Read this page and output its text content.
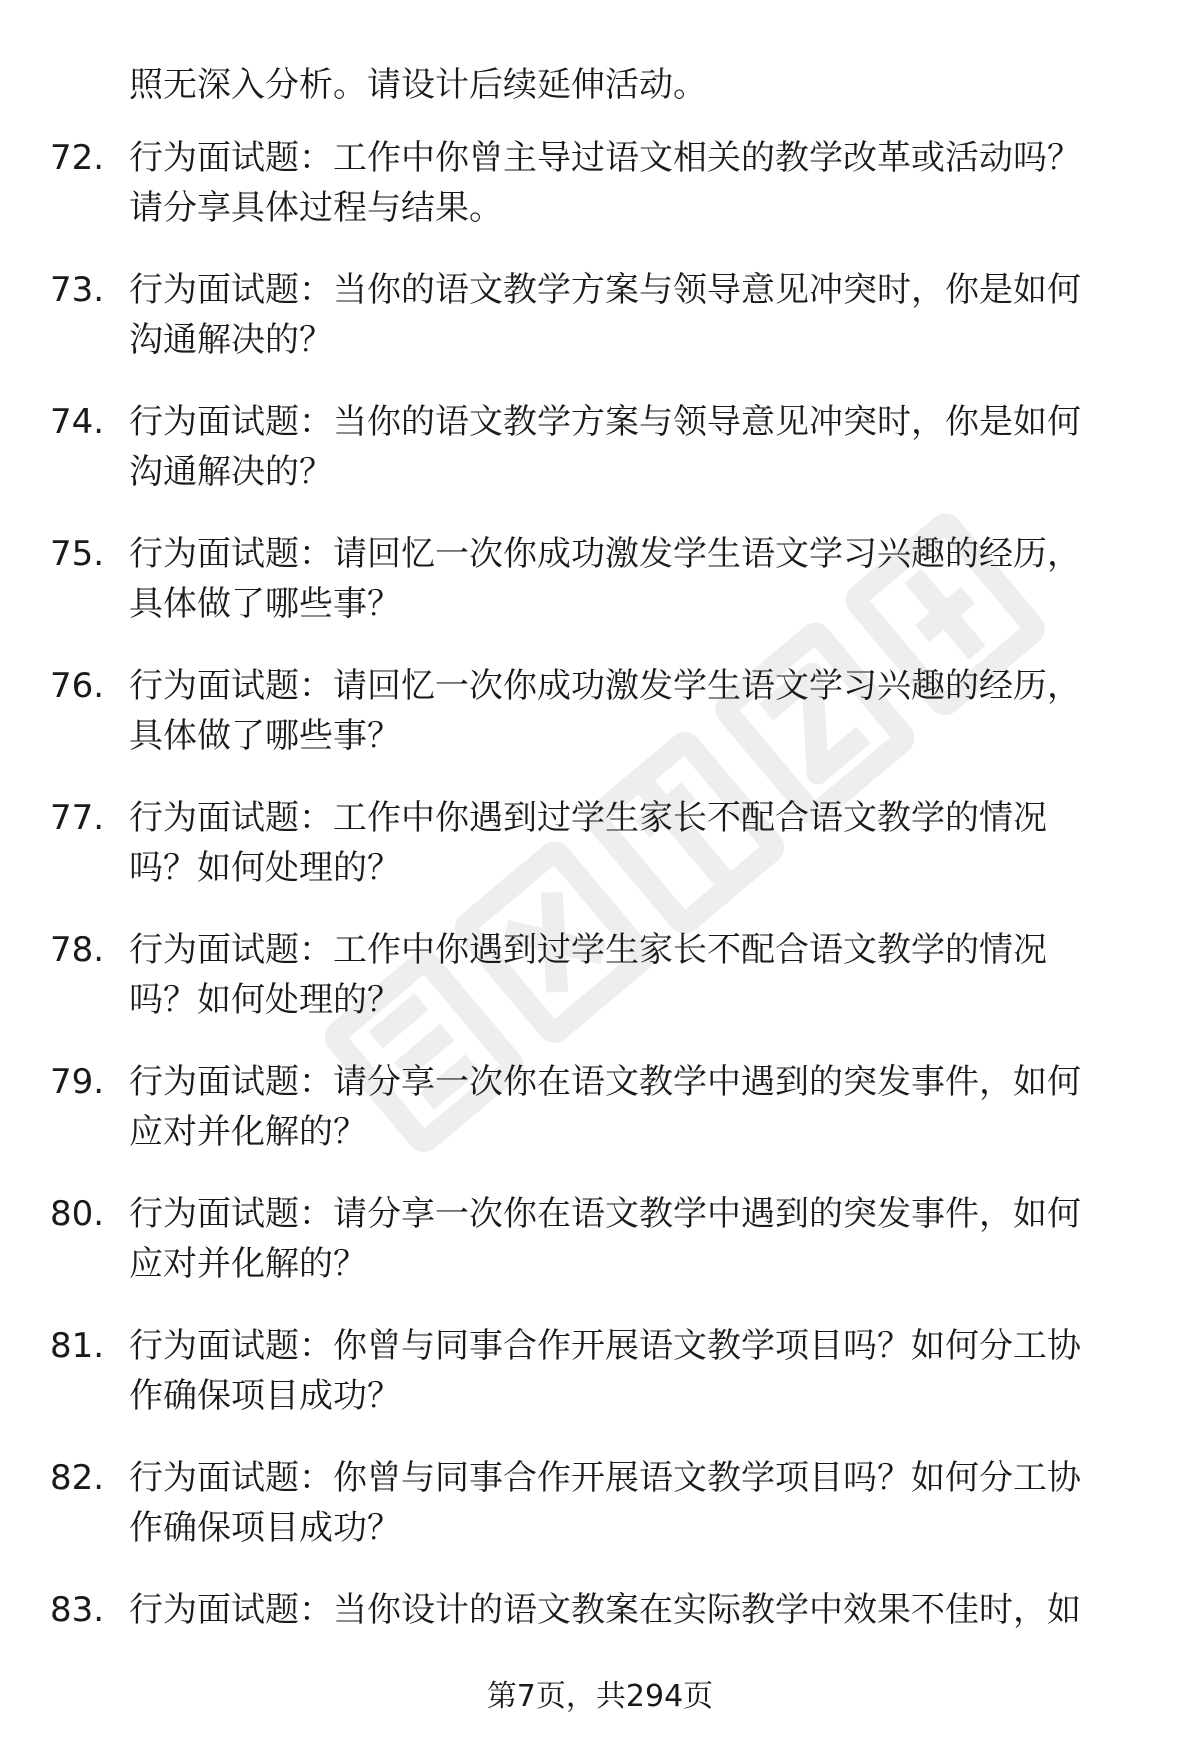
照无深入分析。请设计后续延伸活动。
72. 行为面试题：工作中你曾主导过语文相关的教学改革或活动吗？
请分享具体过程与结果。
73. 行为面试题：当你的语文教学方案与领导意见冲突时，你是如何
沟通解决的？
74. 行为面试题：当你的语文教学方案与领导意见冲突时，你是如何
沟通解决的？
75. 行为面试题：请回忆一次你成功激发学生语文学习兴趣的经历，
具体做了哪些事？
76. 行为面试题：请回忆一次你成功激发学生语文学习兴趣的经历，
具体做了哪些事？
77. 行为面试题：工作中你遇到过学生家长不配合语文教学的情况
吗？如何处理的？
78. 行为面试题：工作中你遇到过学生家长不配合语文教学的情况
吗？如何处理的？
79. 行为面试题：请分享一次你在语文教学中遇到的突发事件，如何
应对并化解的？
80. 行为面试题：请分享一次你在语文教学中遇到的突发事件，如何
应对并化解的？
81. 行为面试题：你曾与同事合作开展语文教学项目吗？如何分工协
作确保项目成功？
82. 行为面试题：你曾与同事合作开展语文教学项目吗？如何分工协
作确保项目成功？
83. 行为面试题：当你设计的语文教案在实际教学中效果不佳时，如
第7页，共294页
